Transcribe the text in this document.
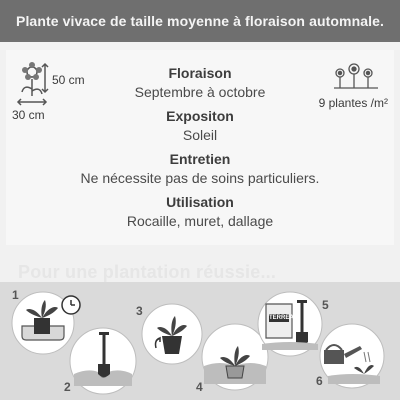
Plante vivace de taille moyenne à floraison automnale.
50 cm
30 cm
9 plantes /m²
Floraison
Septembre à octobre
Expositon
Soleil
Entretien
Ne nécessite pas de soins particuliers.
Utilisation
Rocaille, muret, dallage
Pour une plantation réussie...
1
2
3
4
TERREAU
5
6
